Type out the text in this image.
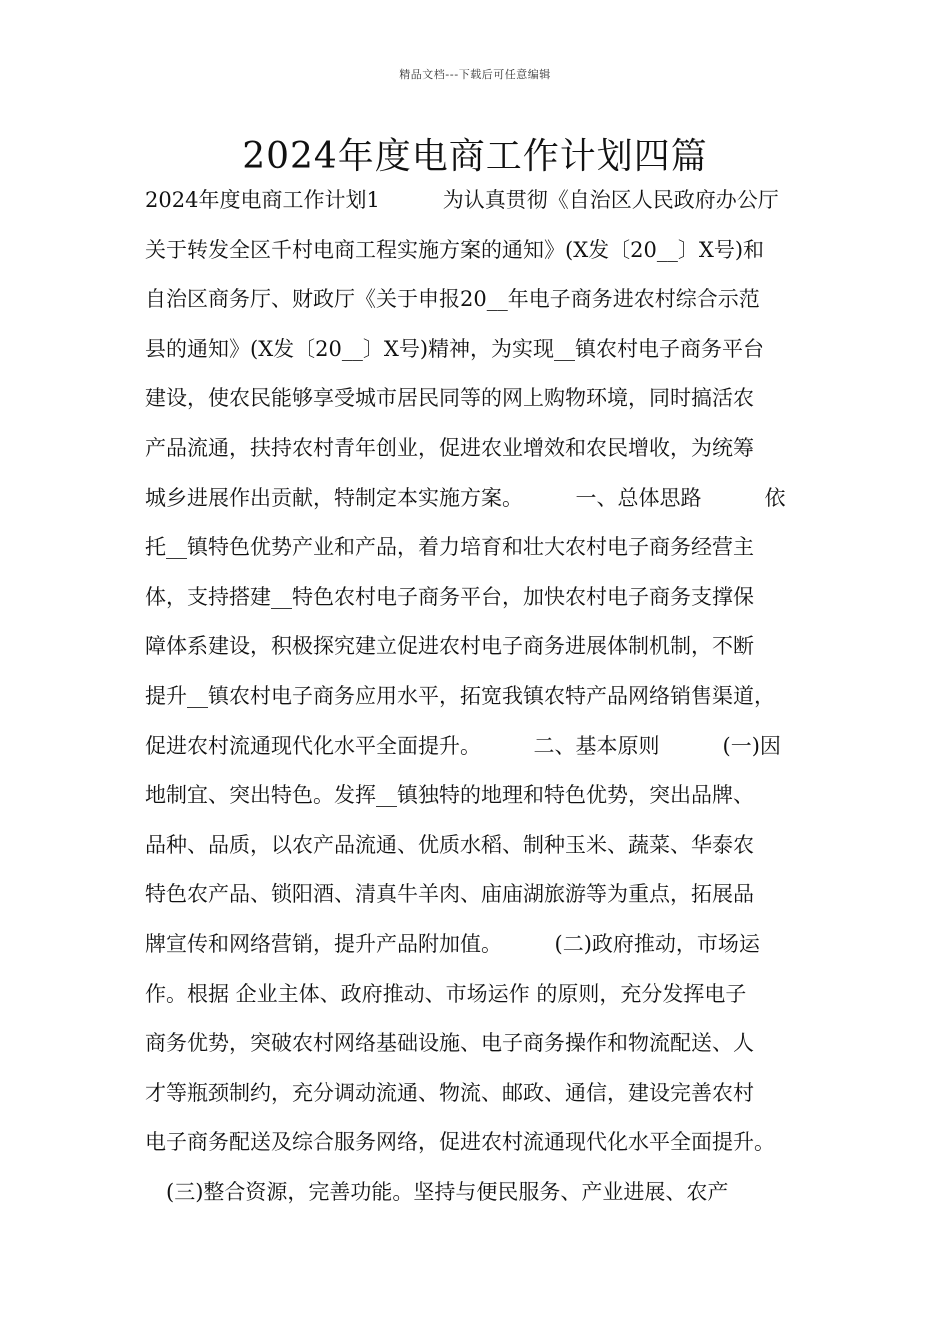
精品文档---下载后可任意编辑
2024年度电商工作计划四篇
2024年度电商工作计划1　　　为认真贯彻《自治区人民政府办公厅
关于转发全区千村电商工程实施方案的通知》(X发〔20__〕X号)和
自治区商务厅、财政厅《关于申报20__年电子商务进农村综合示范
县的通知》(X发〔20__〕X号)精神，为实现__镇农村电子商务平台
建设，使农民能够享受城市居民同等的网上购物环境，同时搞活农
产品流通，扶持农村青年创业，促进农业增效和农民增收，为统筹
城乡进展作出贡献，特制定本实施方案。　　　一、总体思路　　　依
托__镇特色优势产业和产品，着力培育和壮大农村电子商务经营主
体，支持搭建__特色农村电子商务平台，加快农村电子商务支撑保
障体系建设，积极探究建立促进农村电子商务进展体制机制，不断
提升__镇农村电子商务应用水平，拓宽我镇农特产品网络销售渠道，
促进农村流通现代化水平全面提升。　　　二、基本原则　　　(一)因
地制宜、突出特色。发挥__镇独特的地理和特色优势，突出品牌、
品种、品质，以农产品流通、优质水稻、制种玉米、蔬菜、华泰农
特色农产品、锁阳酒、清真牛羊肉、庙庙湖旅游等为重点，拓展品
牌宣传和网络营销，提升产品附加值。　　　(二)政府推动，市场运
作。根据 企业主体、政府推动、市场运作 的原则，充分发挥电子
商务优势，突破农村网络基础设施、电子商务操作和物流配送、人
才等瓶颈制约，充分调动流通、物流、邮政、通信，建设完善农村
电子商务配送及综合服务网络，促进农村流通现代化水平全面提升。
　(三)整合资源，完善功能。坚持与便民服务、产业进展、农产
